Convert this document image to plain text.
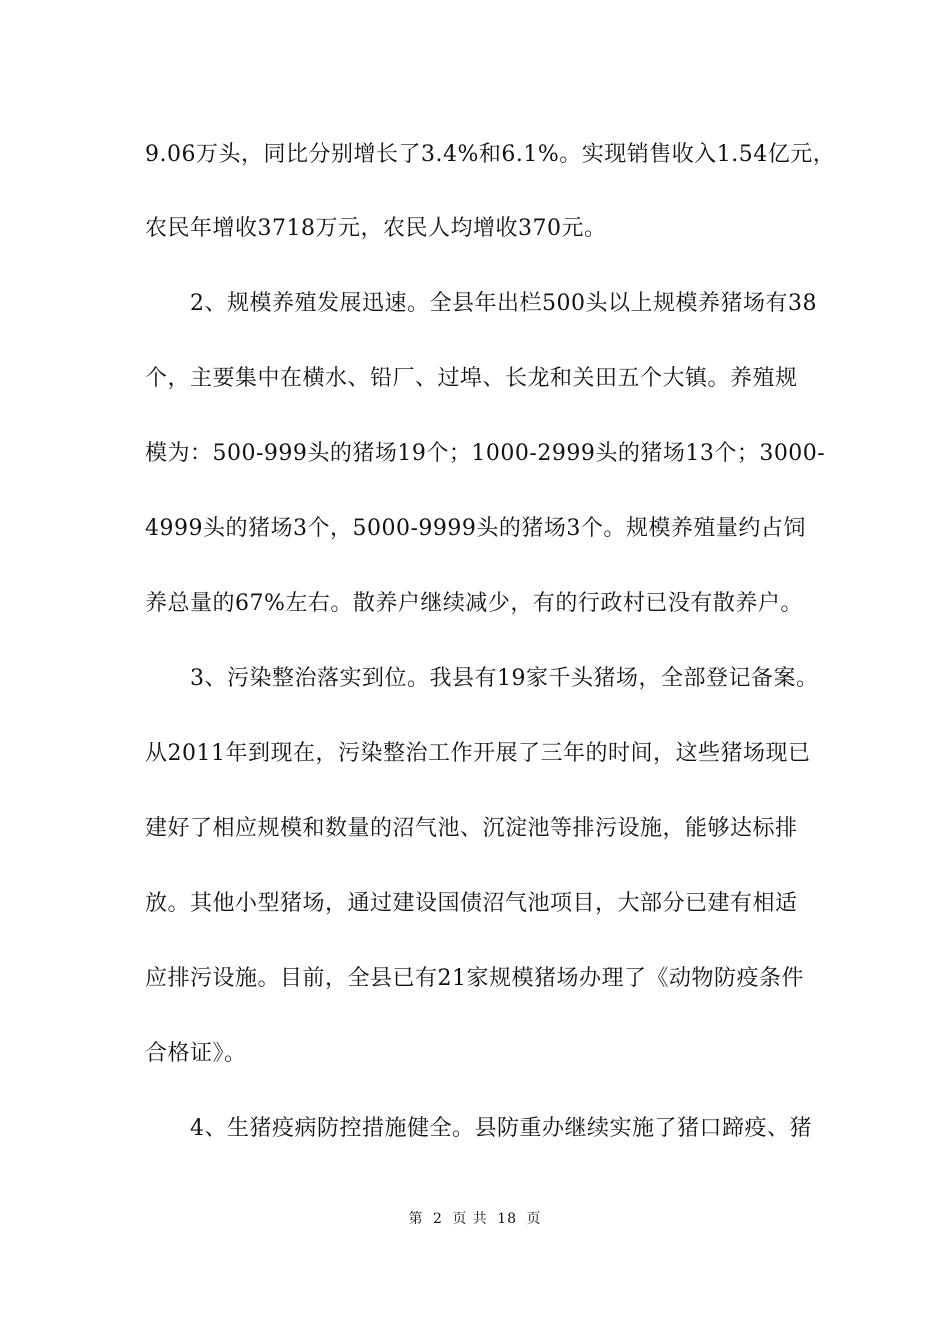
9.06万头，同比分别增长了3.4%和6.1%。实现销售收入1.54亿元，
农民年增收3718万元，农民人均增收370元。
2、规模养殖发展迅速。全县年出栏500头以上规模养猪场有38
个，主要集中在横水、铅厂、过埠、长龙和关田五个大镇。养殖规
模为：500-999头的猪场19个；1000-2999头的猪场13个；3000-
4999头的猪场3个，5000-9999头的猪场3个。规模养殖量约占饲
养总量的67%左右。散养户继续减少，有的行政村已没有散养户。
3、污染整治落实到位。我县有19家千头猪场，全部登记备案。
从2011年到现在，污染整治工作开展了三年的时间，这些猪场现已
建好了相应规模和数量的沼气池、沉淀池等排污设施，能够达标排
放。其他小型猪场，通过建设国债沼气池项目，大部分已建有相适
应排污设施。目前，全县已有21家规模猪场办理了《动物防疫条件
合格证》。
4、生猪疫病防控措施健全。县防重办继续实施了猪口蹄疫、猪
第 2 页 共 18 页
